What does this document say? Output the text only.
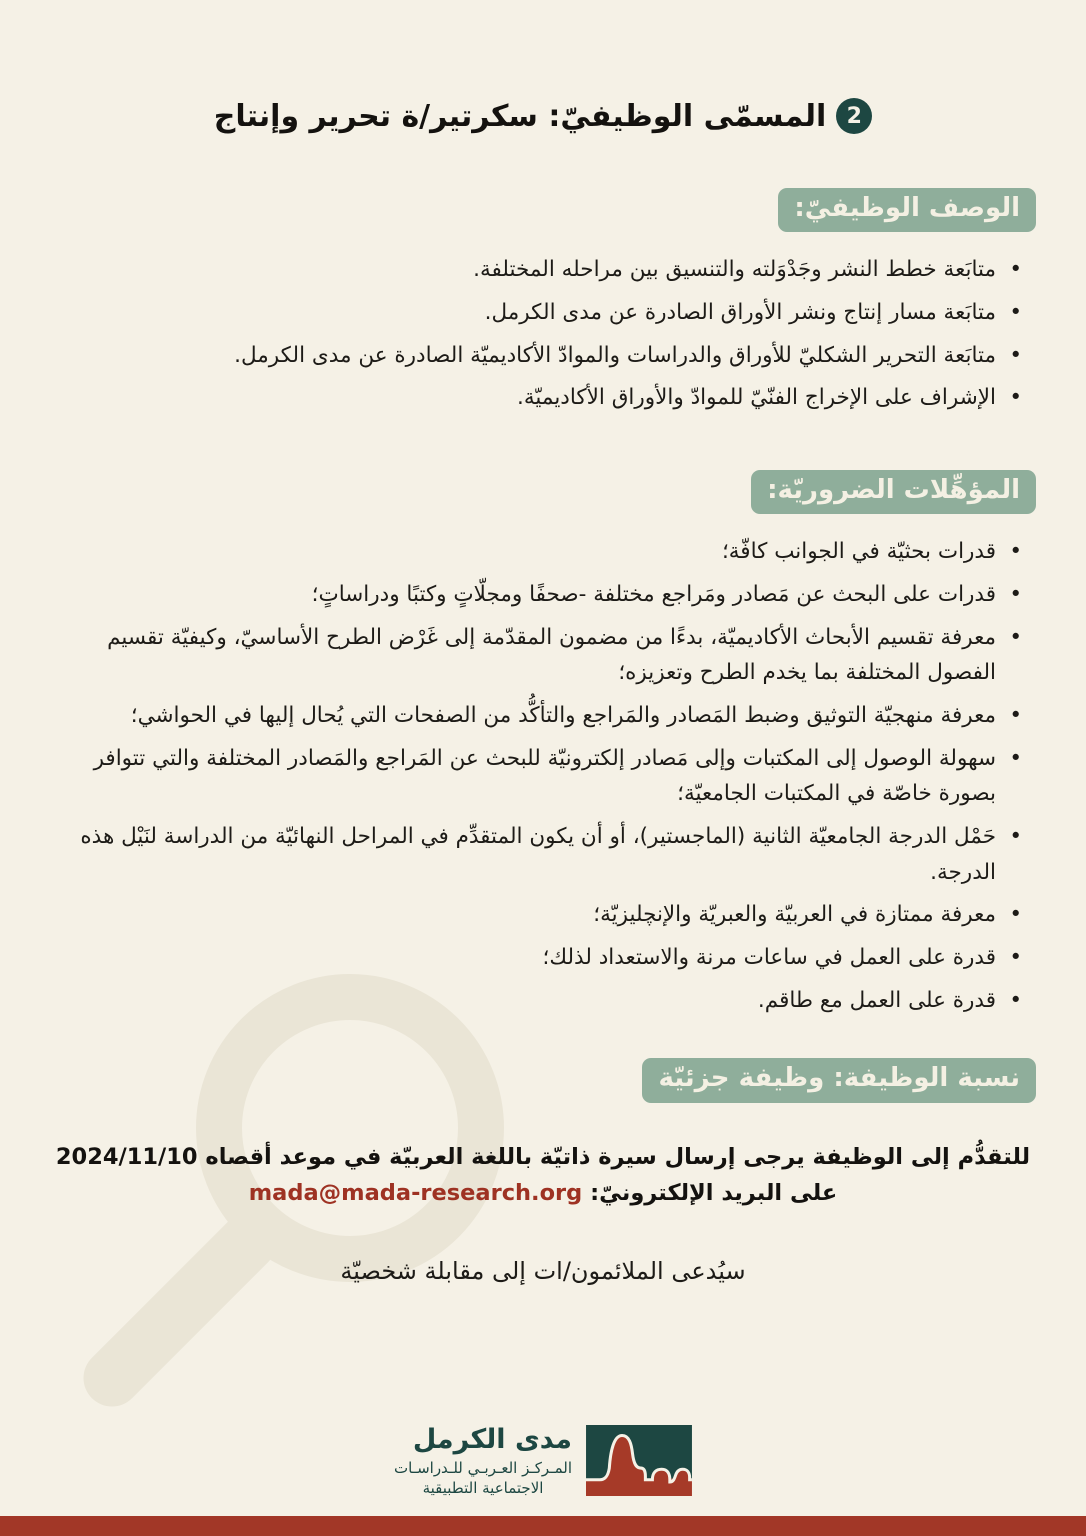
2
المسمّى الوظيفيّ: سكرتير/ة تحرير وإنتاج
الوصف الوظيفيّ:
• متابَعة خطط النشر وجَدْوَلته والتنسيق بين مراحله المختلفة.
• متابَعة مسار إنتاج ونشر الأوراق الصادرة عن مدى الكرمل.
• متابَعة التحرير الشكليّ للأوراق والدراسات والموادّ الأكاديميّة الصادرة عن مدى الكرمل.
• الإشراف على الإخراج الفنّيّ للموادّ والأوراق الأكاديميّة.
المؤهِّلات الضروريّة:
• قدرات بحثيّة في الجوانب كافّة؛
• قدرات على البحث عن مَصادر ومَراجع مختلفة -صحفًا ومجلّاتٍ وكتبًا ودراساتٍ؛
• معرفة تقسيم الأبحاث الأكاديميّة، بدءًا من مضمون المقدّمة إلى غَرْض الطرح الأساسيّ، وكيفيّة تقسيم الفصول المختلفة بما يخدم الطرح وتعزيزه؛
• معرفة منهجيّة التوثيق وضبط المَصادر والمَراجع والتأكُّد من الصفحات التي يُحال إليها في الحواشي؛
• سهولة الوصول إلى المكتبات وإلى مَصادر إلكترونيّة للبحث عن المَراجع والمَصادر المختلفة والتي تتوافر بصورة خاصّة في المكتبات الجامعيّة؛
• حَمْل الدرجة الجامعيّة الثانية (الماجستير)، أو أن يكون المتقدِّم في المراحل النهائيّة من الدراسة لنَيْل هذه الدرجة.
• معرفة ممتازة في العربيّة والعبريّة والإنچليزيّة؛
• قدرة على العمل في ساعات مرنة والاستعداد لذلك؛
• قدرة على العمل مع طاقم.
نسبة الوظيفة: وظيفة جزئيّة
للتقدُّم إلى الوظيفة يرجى إرسال سيرة ذاتيّة باللغة العربيّة في موعد أقصاه 2024/11/10
على البريد الإلكترونيّ: mada@mada-research.org
سيُدعى الملائمون/ات إلى مقابلة شخصيّة
مدى الكرمل
المـركـز العـربـي للـدراسـات
الاجتماعية التطبيقية
